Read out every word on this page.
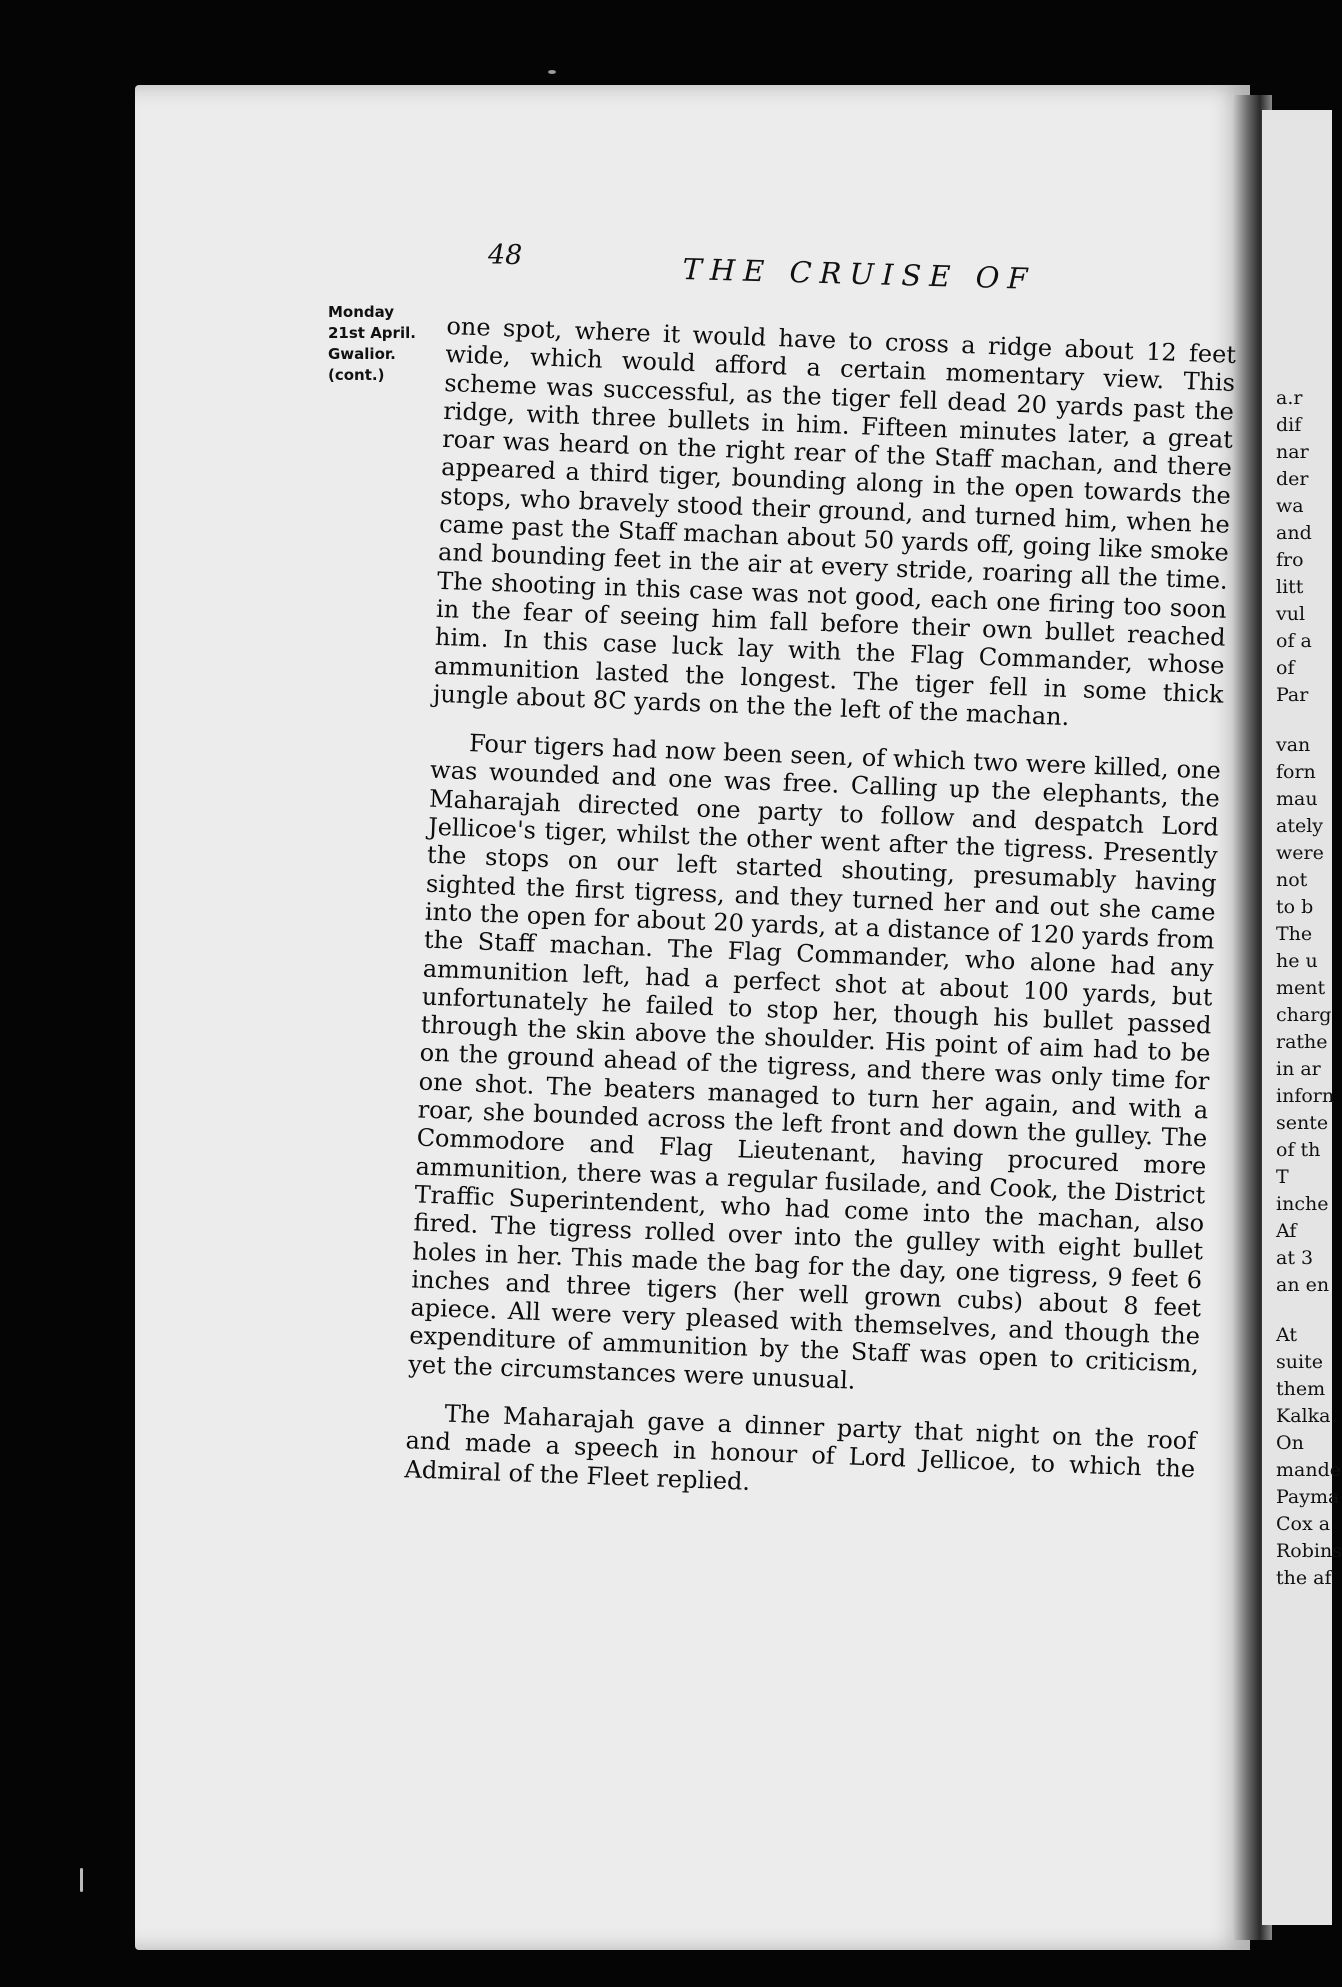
48	THE CRUISE OF
Monday
21st April.
Gwalior.
(cont.)

one spot, where it would have to cross a ridge about 12 feet wide, which would afford a certain momentary view. This scheme was successful, as the tiger fell dead 20 yards past the ridge, with three bullets in him. Fifteen minutes later, a great roar was heard on the right rear of the Staff machan, and there appeared a third tiger, bounding along in the open towards the stops, who bravely stood their ground, and turned him, when he came past the Staff machan about 50 yards off, going like smoke and bounding feet in the air at every stride, roaring all the time. The shooting in this case was not good, each one firing too soon in the fear of seeing him fall before their own bullet reached him. In this case luck lay with the Flag Commander, whose ammunition lasted the longest. The tiger fell in some thick jungle about 8C yards on the the left of the machan.

Four tigers had now been seen, of which two were killed, one was wounded and one was free. Calling up the elephants, the Maharajah directed one party to follow and despatch Lord Jellicoe's tiger, whilst the other went after the tigress. Presently the stops on our left started shouting, presumably having sighted the first tigress, and they turned her and out she came into the open for about 20 yards, at a distance of 120 yards from the Staff machan. The Flag Commander, who alone had any ammunition left, had a perfect shot at about 100 yards, but unfortunately he failed to stop her, though his bullet passed through the skin above the shoulder. His point of aim had to be on the ground ahead of the tigress, and there was only time for one shot. The beaters managed to turn her again, and with a roar, she bounded across the left front and down the gulley. The Commodore and Flag Lieutenant, having procured more ammunition, there was a regular fusilade, and Cook, the District Traffic Superintendent, who had come into the machan, also fired. The tigress rolled over into the gulley with eight bullet holes in her. This made the bag for the day, one tigress, 9 feet 6 inches and three tigers (her well grown cubs) about 8 feet apiece. All were very pleased with themselves, and though the expenditure of ammunition by the Staff was open to criticism, yet the circumstances were unusual.

The Maharajah gave a dinner party that night on the roof and made a speech in honour of Lord Jellicoe, to which the Admiral of the Fleet replied.

a.r
dif
nar
der
wa
and
fro
litt
vul
of a
of
Par
van
forn
mau
ately
were
not
to b
The
he u
ment
charg
rathe
in ar
inforn
sente
of th
T
inche
Af
at 3
an en
At
suite
them
Kalka
On
mande
Payma
Cox a
Robins
the af
